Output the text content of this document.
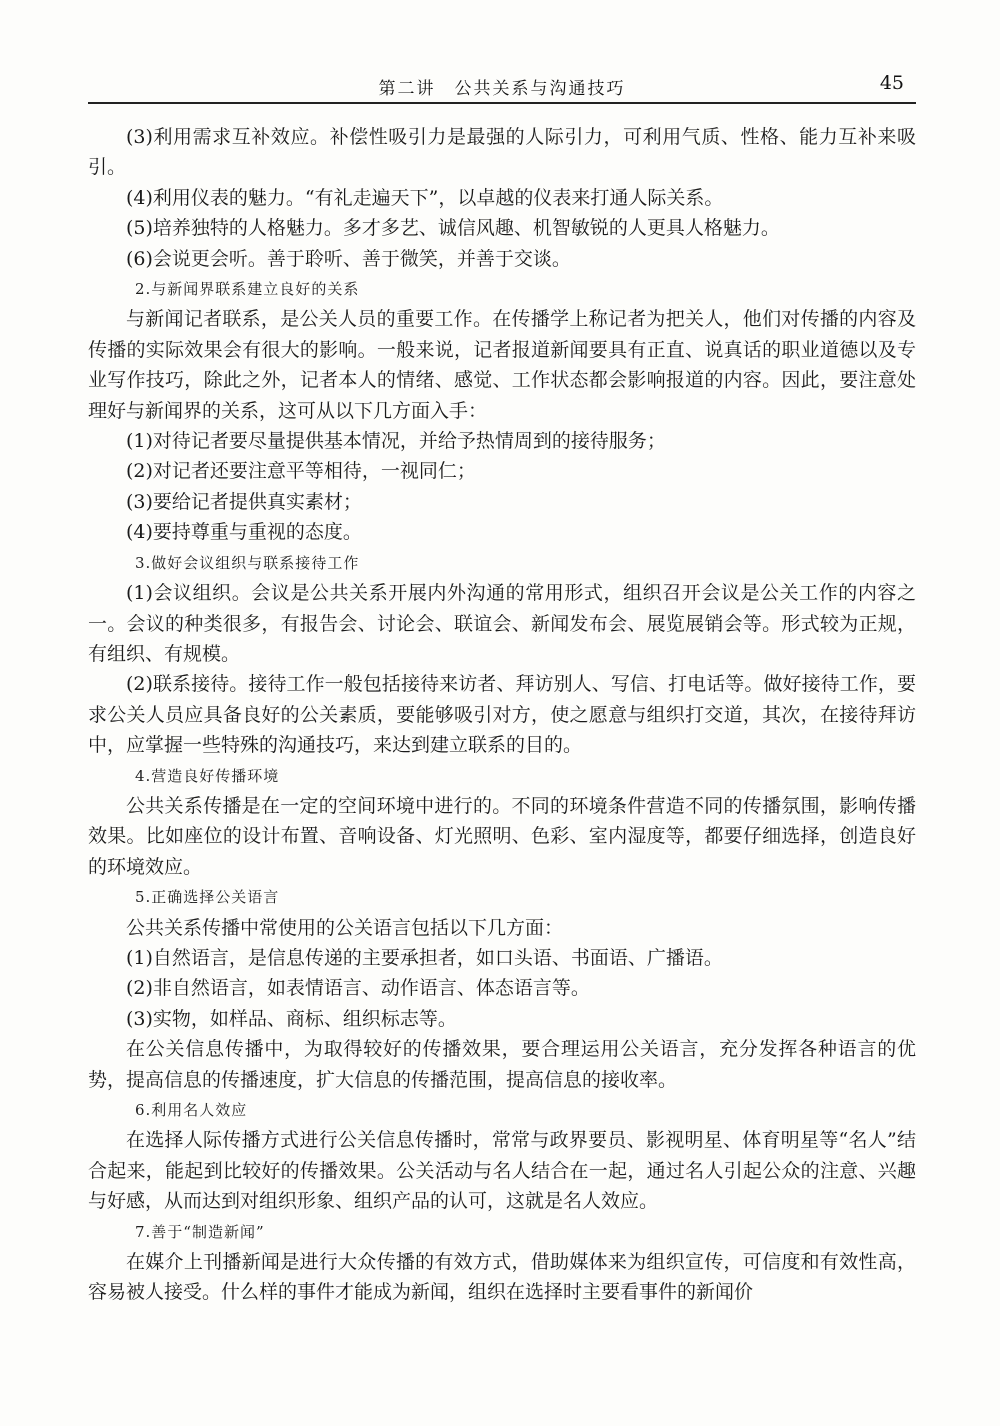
第二讲　公共关系与沟通技巧	45

(3)利用需求互补效应。补偿性吸引力是最强的人际引力，可利用气质、性格、能力互补来吸引。

(4)利用仪表的魅力。“有礼走遍天下”，以卓越的仪表来打通人际关系。

(5)培养独特的人格魅力。多才多艺、诚信风趣、机智敏锐的人更具人格魅力。

(6)会说更会听。善于聆听、善于微笑，并善于交谈。

2.与新闻界联系建立良好的关系

与新闻记者联系，是公关人员的重要工作。在传播学上称记者为把关人，他们对传播的内容及传播的实际效果会有很大的影响。一般来说，记者报道新闻要具有正直、说真话的职业道德以及专业写作技巧，除此之外，记者本人的情绪、感觉、工作状态都会影响报道的内容。因此，要注意处理好与新闻界的关系，这可从以下几方面入手：

(1)对待记者要尽量提供基本情况，并给予热情周到的接待服务；

(2)对记者还要注意平等相待，一视同仁；

(3)要给记者提供真实素材；

(4)要持尊重与重视的态度。

3.做好会议组织与联系接待工作

(1)会议组织。会议是公共关系开展内外沟通的常用形式，组织召开会议是公关工作的内容之一。会议的种类很多，有报告会、讨论会、联谊会、新闻发布会、展览展销会等。形式较为正规，有组织、有规模。

(2)联系接待。接待工作一般包括接待来访者、拜访别人、写信、打电话等。做好接待工作，要求公关人员应具备良好的公关素质，要能够吸引对方，使之愿意与组织打交道，其次，在接待拜访中，应掌握一些特殊的沟通技巧，来达到建立联系的目的。

4.营造良好传播环境

公共关系传播是在一定的空间环境中进行的。不同的环境条件营造不同的传播氛围，影响传播效果。比如座位的设计布置、音响设备、灯光照明、色彩、室内湿度等，都要仔细选择，创造良好的环境效应。

5.正确选择公关语言

公共关系传播中常使用的公关语言包括以下几方面：

(1)自然语言，是信息传递的主要承担者，如口头语、书面语、广播语。

(2)非自然语言，如表情语言、动作语言、体态语言等。

(3)实物，如样品、商标、组织标志等。

在公关信息传播中，为取得较好的传播效果，要合理运用公关语言，充分发挥各种语言的优势，提高信息的传播速度，扩大信息的传播范围，提高信息的接收率。

6.利用名人效应

在选择人际传播方式进行公关信息传播时，常常与政界要员、影视明星、体育明星等“名人”结合起来，能起到比较好的传播效果。公关活动与名人结合在一起，通过名人引起公众的注意、兴趣与好感，从而达到对组织形象、组织产品的认可，这就是名人效应。

7.善于“制造新闻”

在媒介上刊播新闻是进行大众传播的有效方式，借助媒体来为组织宣传，可信度和有效性高，容易被人接受。什么样的事件才能成为新闻，组织在选择时主要看事件的新闻价
